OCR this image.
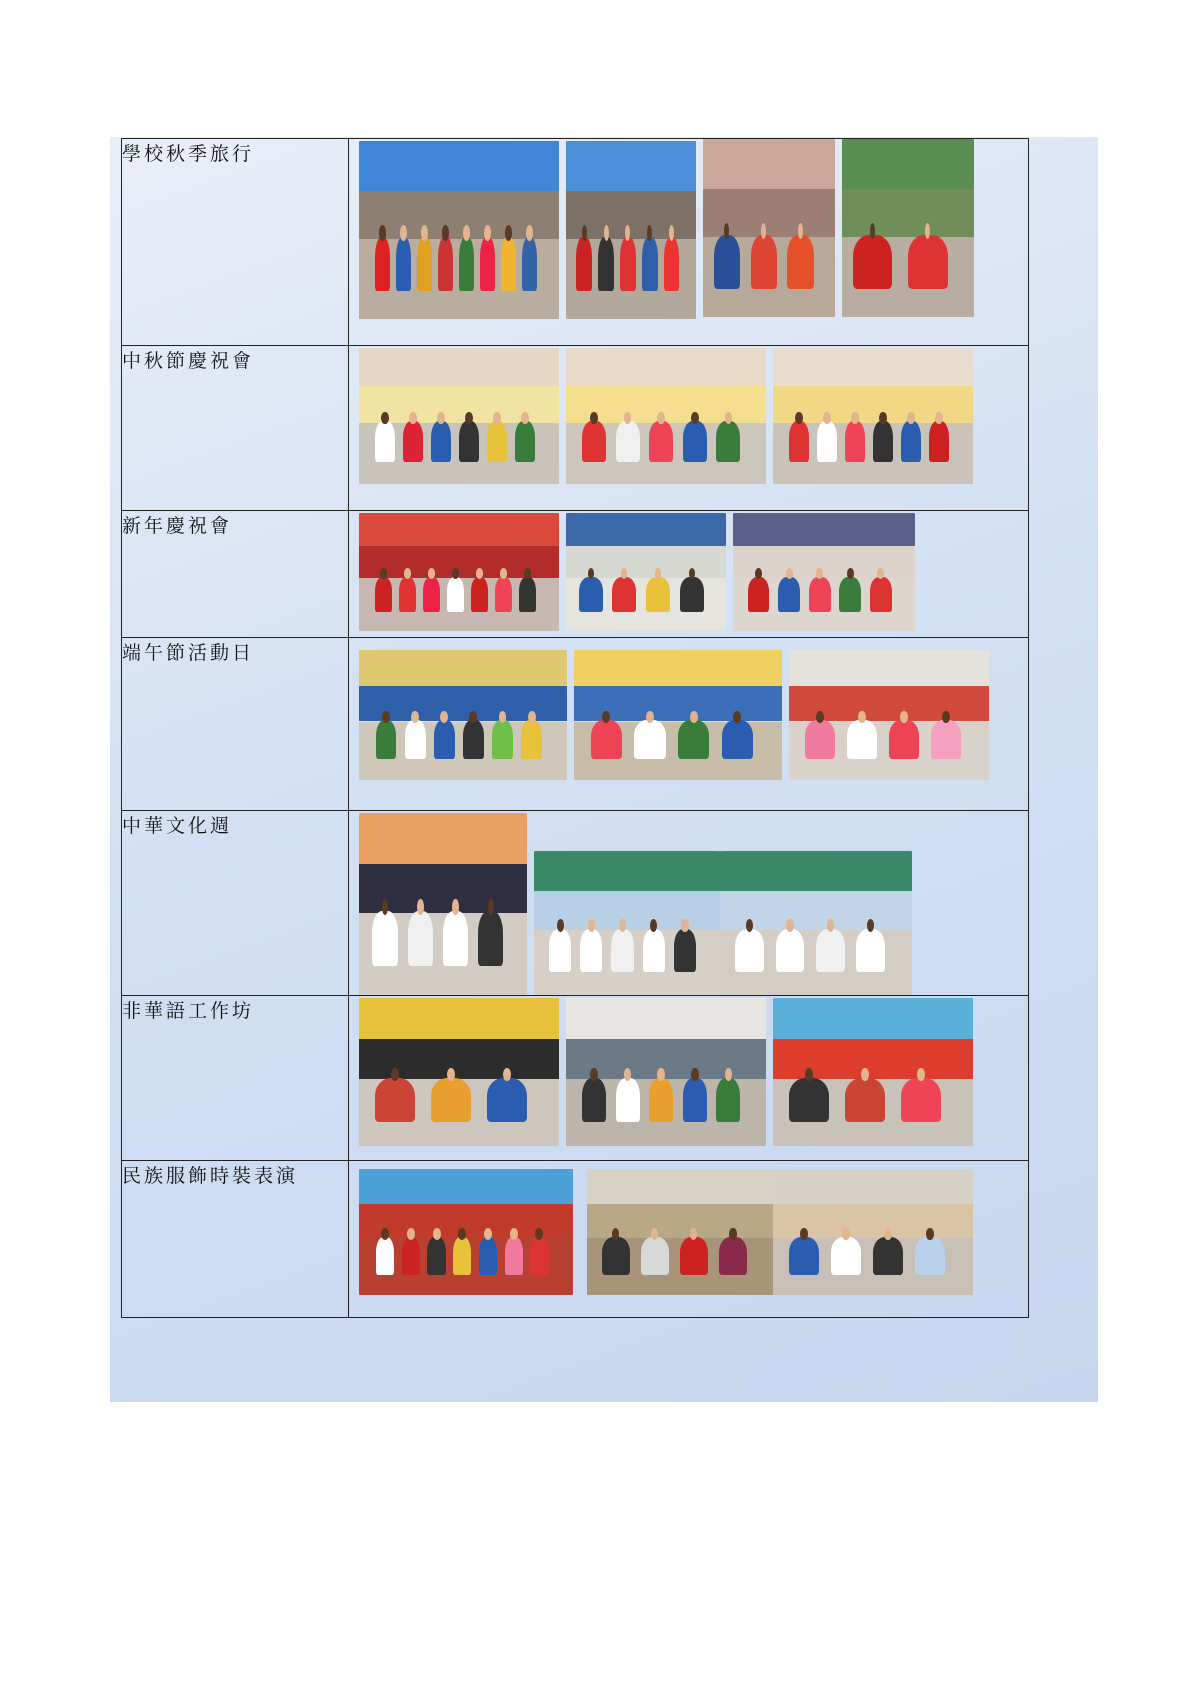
學校秋季旅行	

中秋節慶祝會	

新年慶祝會	

端午節活動日	

中華文化週	

非華語工作坊	

民族服飾時裝表演	
